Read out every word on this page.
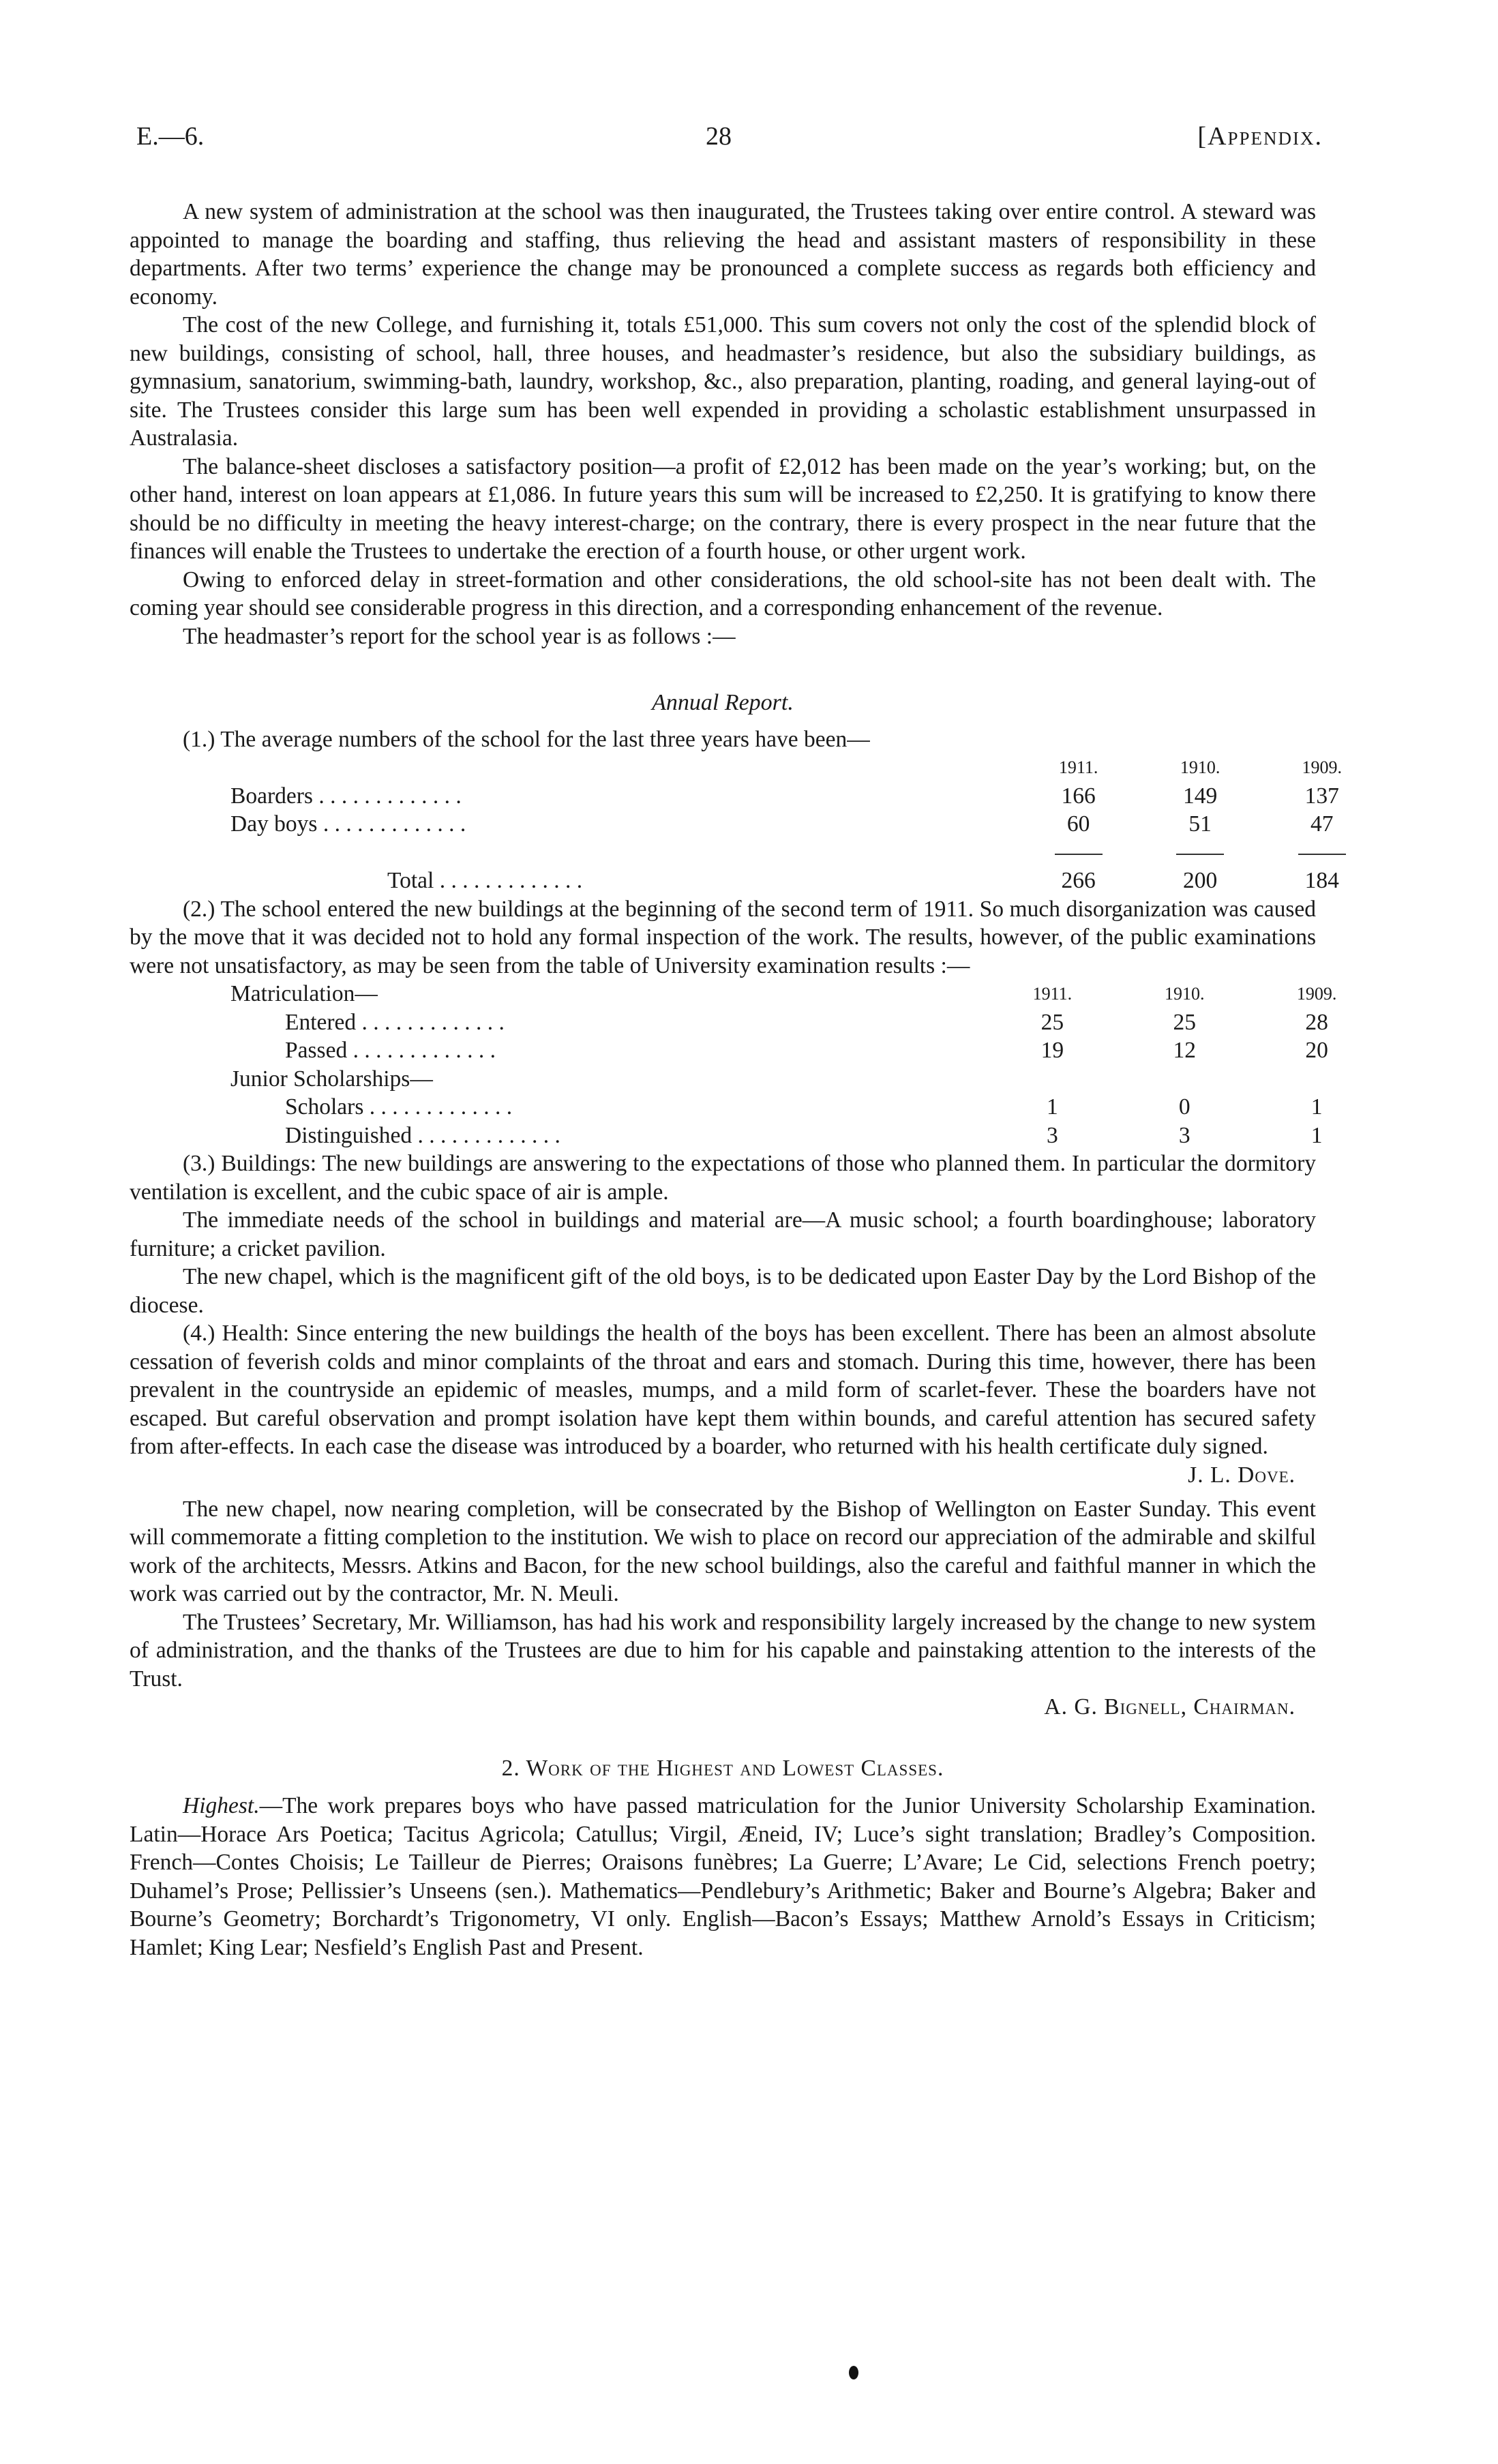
E.—6.	28	[Appendix.

A new system of administration at the school was then inaugurated, the Trustees taking over entire control. A steward was appointed to manage the boarding and staffing, thus relieving the head and assistant masters of responsibility in these departments. After two terms’ experience the change may be pronounced a complete success as regards both efficiency and economy.

The cost of the new College, and furnishing it, totals £51,000. This sum covers not only the cost of the splendid block of new buildings, consisting of school, hall, three houses, and headmaster’s residence, but also the subsidiary buildings, as gymnasium, sanatorium, swimming-bath, laundry, workshop, &c., also preparation, planting, roading, and general laying-out of site. The Trustees consider this large sum has been well expended in providing a scholastic establishment unsurpassed in Australasia.

The balance-sheet discloses a satisfactory position—a profit of £2,012 has been made on the year’s working; but, on the other hand, interest on loan appears at £1,086. In future years this sum will be increased to £2,250. It is gratifying to know there should be no difficulty in meeting the heavy interest-charge; on the contrary, there is every prospect in the near future that the finances will enable the Trustees to undertake the erection of a fourth house, or other urgent work.

Owing to enforced delay in street-formation and other considerations, the old school-site has not been dealt with. The coming year should see considerable progress in this direction, and a corresponding enhancement of the revenue.

The headmaster’s report for the school year is as follows :—

Annual Report.

(1.) The average numbers of the school for the last three years have been—

	1911.	1910.	1909.
Boarders . . . . . . . . . . . . .	166	149	137
Day boys . . . . . . . . . . . . .	60	51	47

Total . . . . . . . . . . . . .	266	200	184

(2.) The school entered the new buildings at the beginning of the second term of 1911. So much disorganization was caused by the move that it was decided not to hold any formal inspection of the work. The results, however, of the public examinations were not unsatisfactory, as may be seen from the table of University examination results :—

Matriculation—	1911.	1910.	1909.
Entered . . . . . . . . . . . . .	25	25	28
Passed . . . . . . . . . . . . .	19	12	20
Junior Scholarships—			
Scholars . . . . . . . . . . . . .	1	0	1
Distinguished . . . . . . . . . . . . .	3	3	1

(3.) Buildings: The new buildings are answering to the expectations of those who planned them. In particular the dormitory ventilation is excellent, and the cubic space of air is ample.

The immediate needs of the school in buildings and material are—A music school; a fourth boardinghouse; laboratory furniture; a cricket pavilion.

The new chapel, which is the magnificent gift of the old boys, is to be dedicated upon Easter Day by the Lord Bishop of the diocese.

(4.) Health: Since entering the new buildings the health of the boys has been excellent. There has been an almost absolute cessation of feverish colds and minor complaints of the throat and ears and stomach. During this time, however, there has been prevalent in the countryside an epidemic of measles, mumps, and a mild form of scarlet-fever. These the boarders have not escaped. But careful observation and prompt isolation have kept them within bounds, and careful attention has secured safety from after-effects. In each case the disease was introduced by a boarder, who returned with his health certificate duly signed.
J. L. Dove.

The new chapel, now nearing completion, will be consecrated by the Bishop of Wellington on Easter Sunday. This event will commemorate a fitting completion to the institution. We wish to place on record our appreciation of the admirable and skilful work of the architects, Messrs. Atkins and Bacon, for the new school buildings, also the careful and faithful manner in which the work was carried out by the contractor, Mr. N. Meuli.

The Trustees’ Secretary, Mr. Williamson, has had his work and responsibility largely increased by the change to new system of administration, and the thanks of the Trustees are due to him for his capable and painstaking attention to the interests of the Trust.

A. G. Bignell, Chairman.
2. Work of the Highest and Lowest Classes.

Highest.—The work prepares boys who have passed matriculation for the Junior University Scholarship Examination. Latin—Horace Ars Poetica; Tacitus Agricola; Catullus; Virgil, Æneid, IV; Luce’s sight translation; Bradley’s Composition. French—Contes Choisis; Le Tailleur de Pierres; Oraisons funèbres; La Guerre; L’Avare; Le Cid, selections French poetry; Duhamel’s Prose; Pellissier’s Unseens (sen.). Mathematics—Pendlebury’s Arithmetic; Baker and Bourne’s Algebra; Baker and Bourne’s Geometry; Borchardt’s Trigonometry, VI only. English—Bacon’s Essays; Matthew Arnold’s Essays in Criticism; Hamlet; King Lear; Nesfield’s English Past and Present.
